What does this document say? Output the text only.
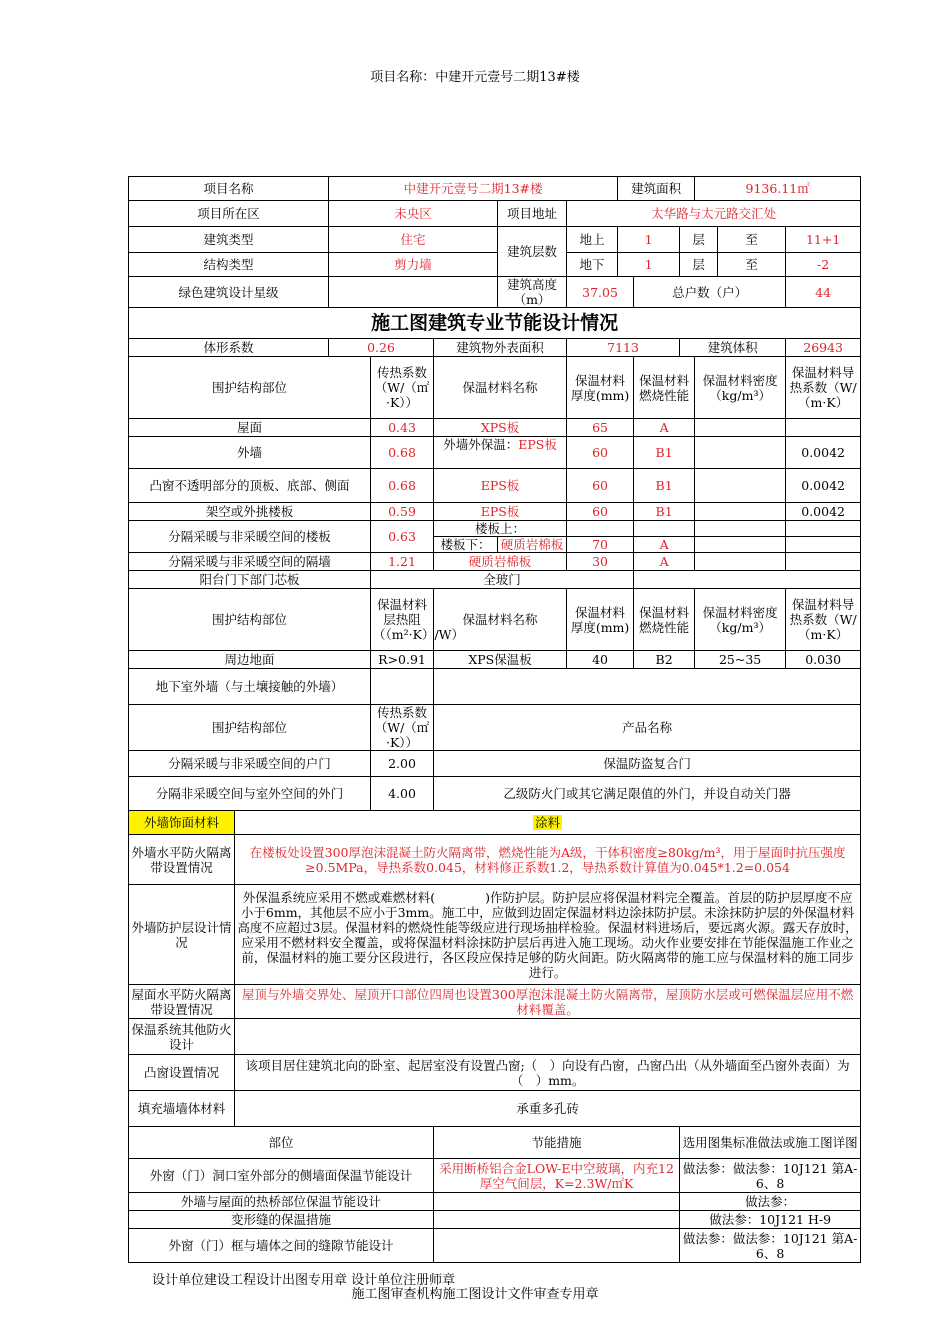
项目名称：中建开元壹号二期13#楼
项目名称		中建开元壹号二期13#楼					建筑面积			9136.11㎡		
项目所在区		未央区			项目地址	太华路与太元路交汇处						
建筑类型		住宅			建筑层数	地上	1		层		至	11+1
结构类型		剪力墙				地下	1		层		至	-2
绿色建筑设计星级					建筑高度（m）	37.05		总户数（户）				44
施工图建筑专业节能设计情况												
体形系数		0.26		建筑物外表面积		7113			建筑体积			26943
围护结构部位			传热系数（W/（㎡·K））	保温材料名称		保温材料厚度(mm)		保温材料燃烧性能		保温材料密度（kg/m³）		保温材料导热系数（W/（m·K）
屋面			0.43	XPS板		65		A				
外墙			0.68	外墙外保温：EPS板		60		B1				0.0042
凸窗不透明部分的顶板、底部、侧面			0.68	EPS板		60		B1				0.0042
架空或外挑楼板			0.59	EPS板		60		B1				0.0042
分隔采暖与非采暖空间的楼板			0.63	楼板上：								
				楼板下：	硬质岩棉板	70		A				
分隔采暖与非采暖空间的隔墙			1.21	硬质岩棉板		30		A				
阳台门下部门芯板			全玻门									
围护结构部位			保温材料层热阻（（m²·K）/W）	保温材料名称		保温材料厚度(mm)		保温材料燃烧性能		保温材料密度（kg/m³）		保温材料导热系数（W/（m·K）
周边地面			R>0.91	XPS保温板		40		B2		25~35		0.030
地下室外墙（与土壤接触的外墙）												
围护结构部位			传热系数（W/（㎡·K））	产品名称								
分隔采暖与非采暖空间的户门			2.00	保温防盗复合门								
分隔非采暖空间与室外空间的外门			4.00	乙级防火门或其它满足限值的外门，并设自动关门器								
外墙饰面材料	涂料											
外墙水平防火隔离带设置情况	在楼板处设置300厚泡沫混凝土防火隔离带，燃烧性能为A级，干体积密度≥80kg/m³，用于屋面时抗压强度≥0.5MPa，导热系数0.045，材料修正系数1.2，导热系数计算值为0.045*1.2=0.054											
外墙防护层设计情况	外保温系统应采用不燃或难燃材料(　　　　)作防护层。防护层应将保温材料完全覆盖。首层的防护层厚度不应小于6mm，其他层不应小于3mm。施工中，应做到边固定保温材料边涂抹防护层。未涂抹防护层的外保温材料高度不应超过3层。保温材料的燃烧性能等级应进行现场抽样检验。保温材料进场后，要远离火源。露天存放时，应采用不燃材料安全覆盖，或将保温材料涂抹防护层后再进入施工现场。动火作业要安排在节能保温施工作业之前，保温材料的施工要分区段进行，各区段应保持足够的防火间距。防火隔离带的施工应与保温材料的施工同步进行。											
屋面水平防火隔离带设置情况	屋顶与外墙交界处、屋顶开口部位四周也设置300厚泡沫混凝土防火隔离带，屋顶防水层或可燃保温层应用不燃材料覆盖。											
保温系统其他防火设计												
凸窗设置情况	该项目居住建筑北向的卧室、起居室没有设置凸窗;（　）向设有凸窗，凸窗凸出（从外墙面至凸窗外表面）为（　）mm。											
填充墙墙体材料	承重多孔砖											
部位				节能措施					选用图集标准做法或施工图详图			
外窗（门）洞口室外部分的侧墙面保温节能设计				采用断桥铝合金LOW-E中空玻璃，内充12厚空气间层，K=2.3W/㎡K					做法参：做法参：10J121 第A-6、8			
外墙与屋面的热桥部位保温节能设计									做法参：			
变形缝的保温措施									做法参：10J121 H-9			
外窗（门）框与墙体之间的缝隙节能设计									做法参：做法参：10J121 第A-6、8			
设计单位建设工程设计出图专用章 设计单位注册师章
施工图审查机构施工图设计文件审查专用章
